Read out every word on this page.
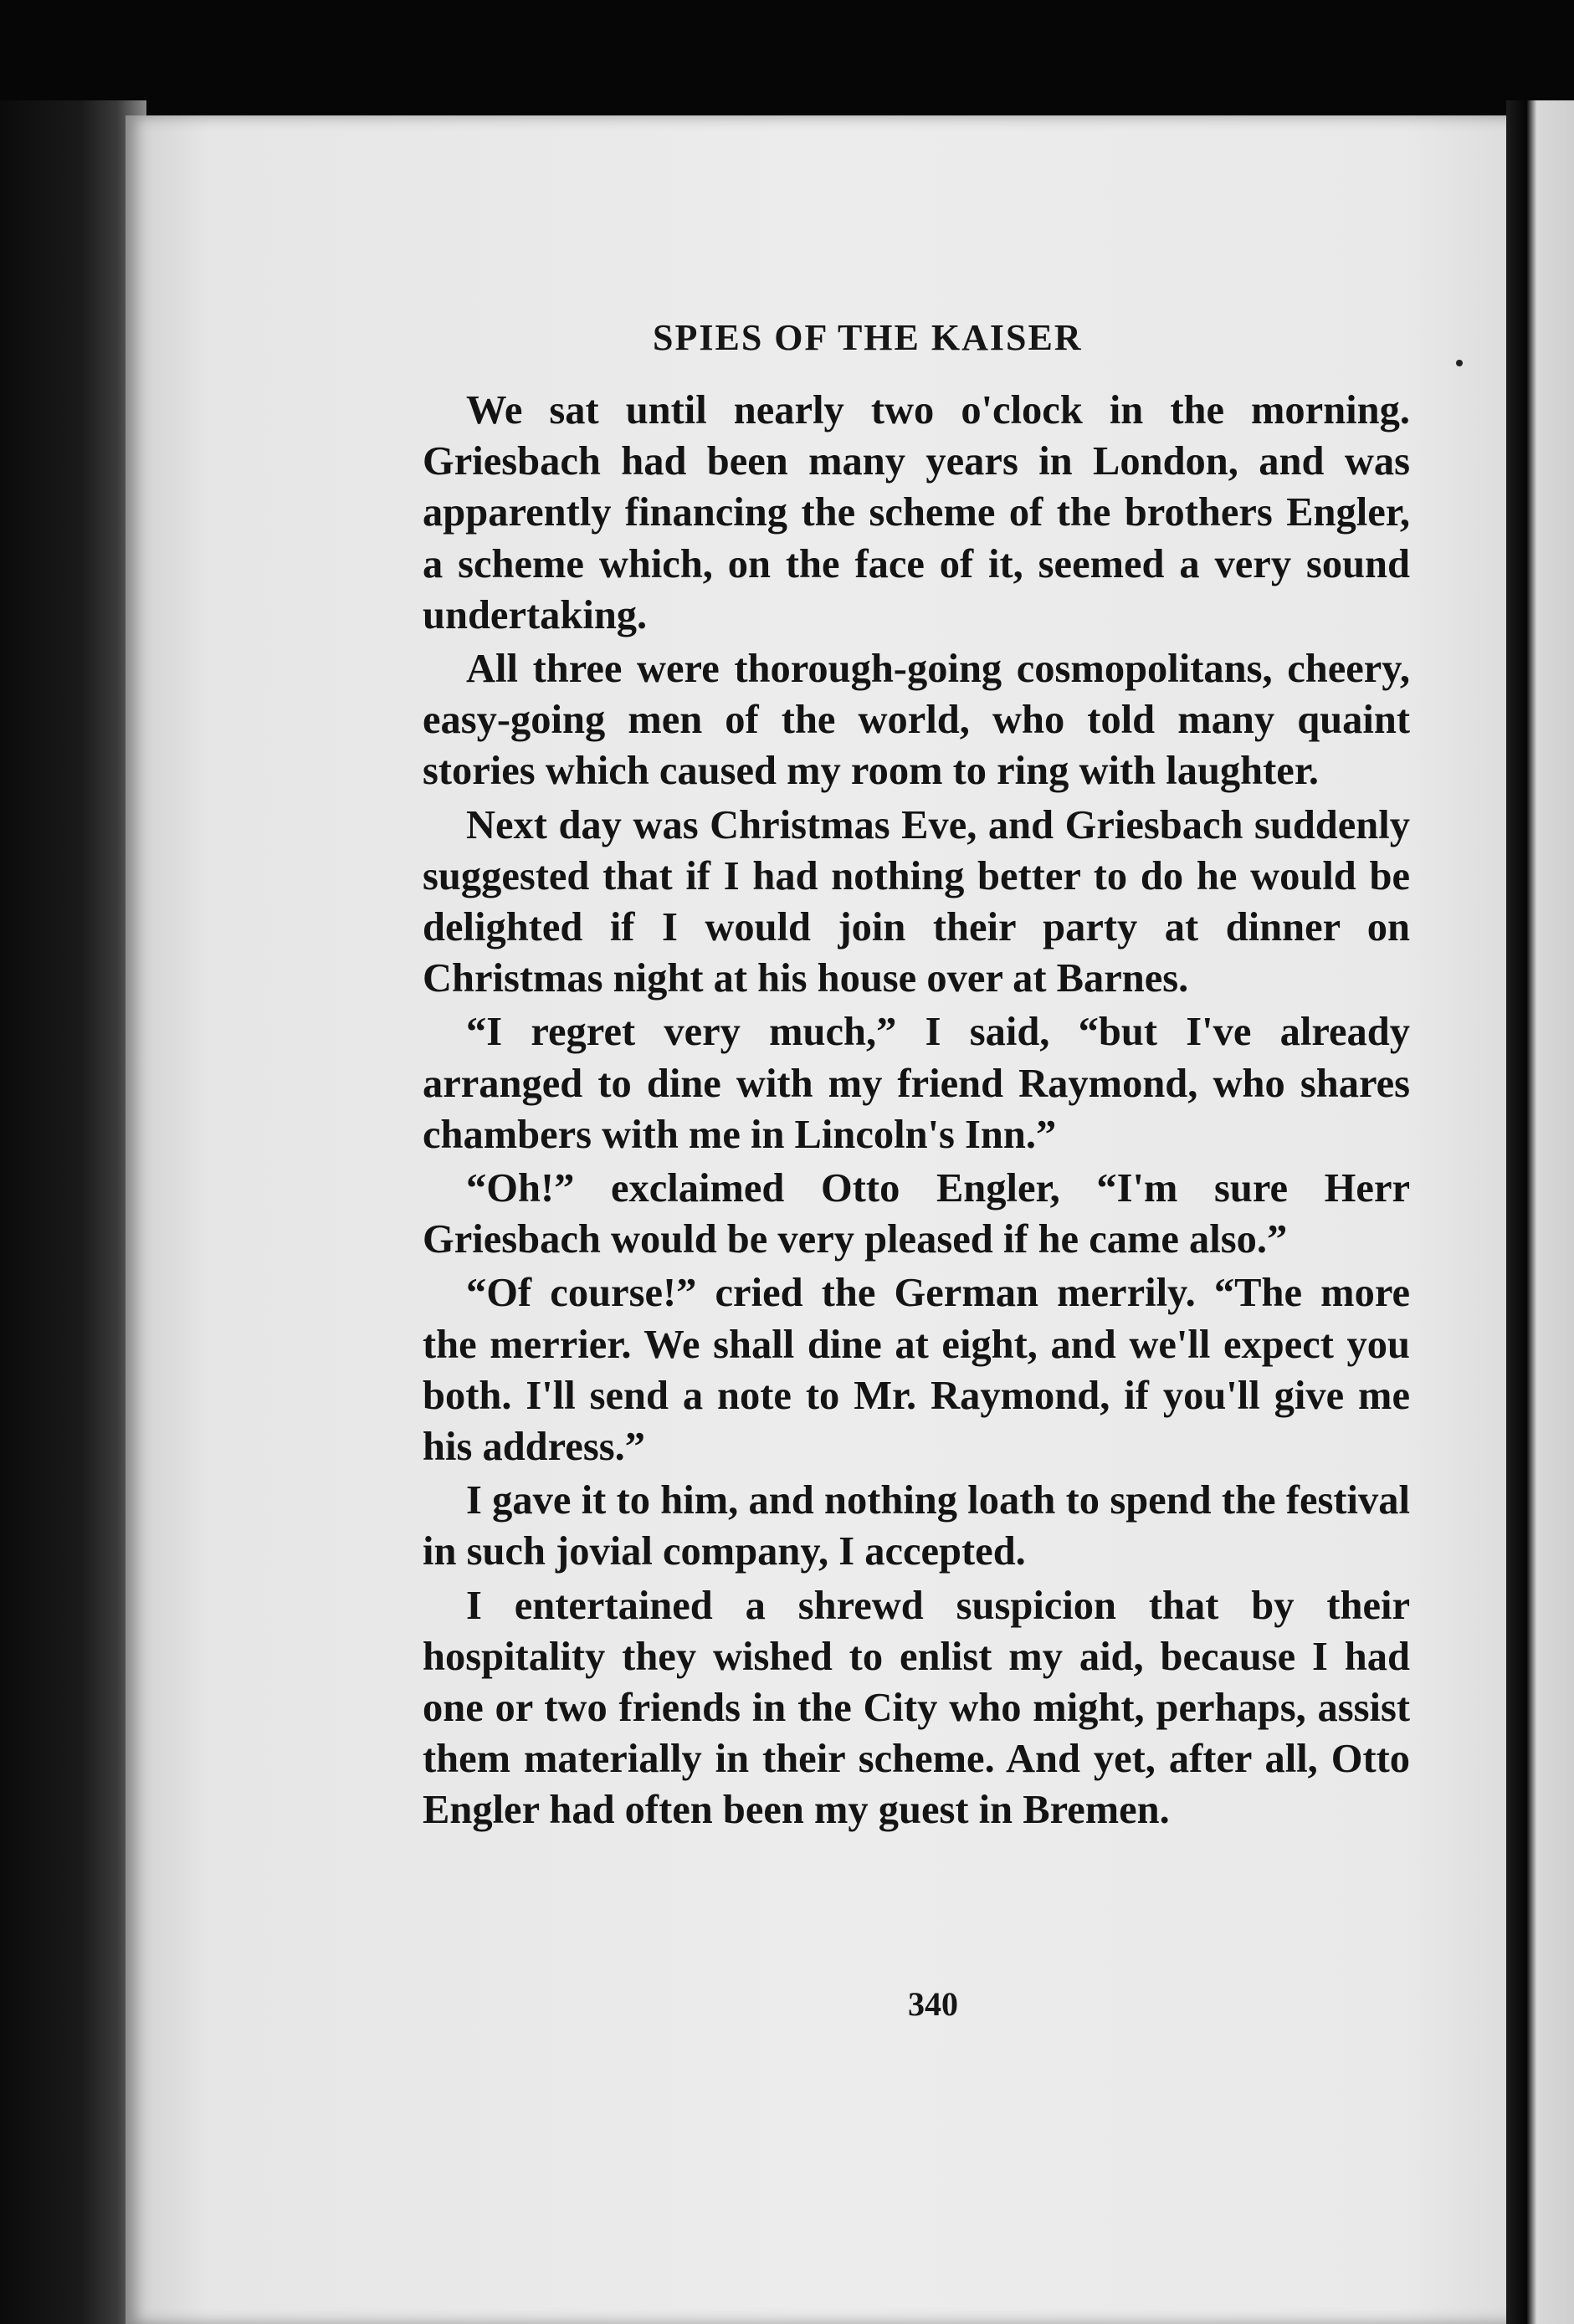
SPIES OF THE KAISER

We sat until nearly two o'clock in the morning. Griesbach had been many years in London, and was apparently financing the scheme of the brothers Engler, a scheme which, on the face of it, seemed a very sound undertaking.

All three were thorough-going cosmopolitans, cheery, easy-going men of the world, who told many quaint stories which caused my room to ring with laughter.

Next day was Christmas Eve, and Griesbach suddenly suggested that if I had nothing better to do he would be delighted if I would join their party at dinner on Christmas night at his house over at Barnes.

“I regret very much,” I said, “but I've already arranged to dine with my friend Raymond, who shares chambers with me in Lincoln's Inn.”

“Oh!” exclaimed Otto Engler, “I'm sure Herr Griesbach would be very pleased if he came also.”

“Of course!” cried the German merrily. “The more the merrier. We shall dine at eight, and we'll expect you both. I'll send a note to Mr. Raymond, if you'll give me his address.”

I gave it to him, and nothing loath to spend the festival in such jovial company, I accepted.

I entertained a shrewd suspicion that by their hospitality they wished to enlist my aid, because I had one or two friends in the City who might, perhaps, assist them materially in their scheme. And yet, after all, Otto Engler had often been my guest in Bremen.

340
